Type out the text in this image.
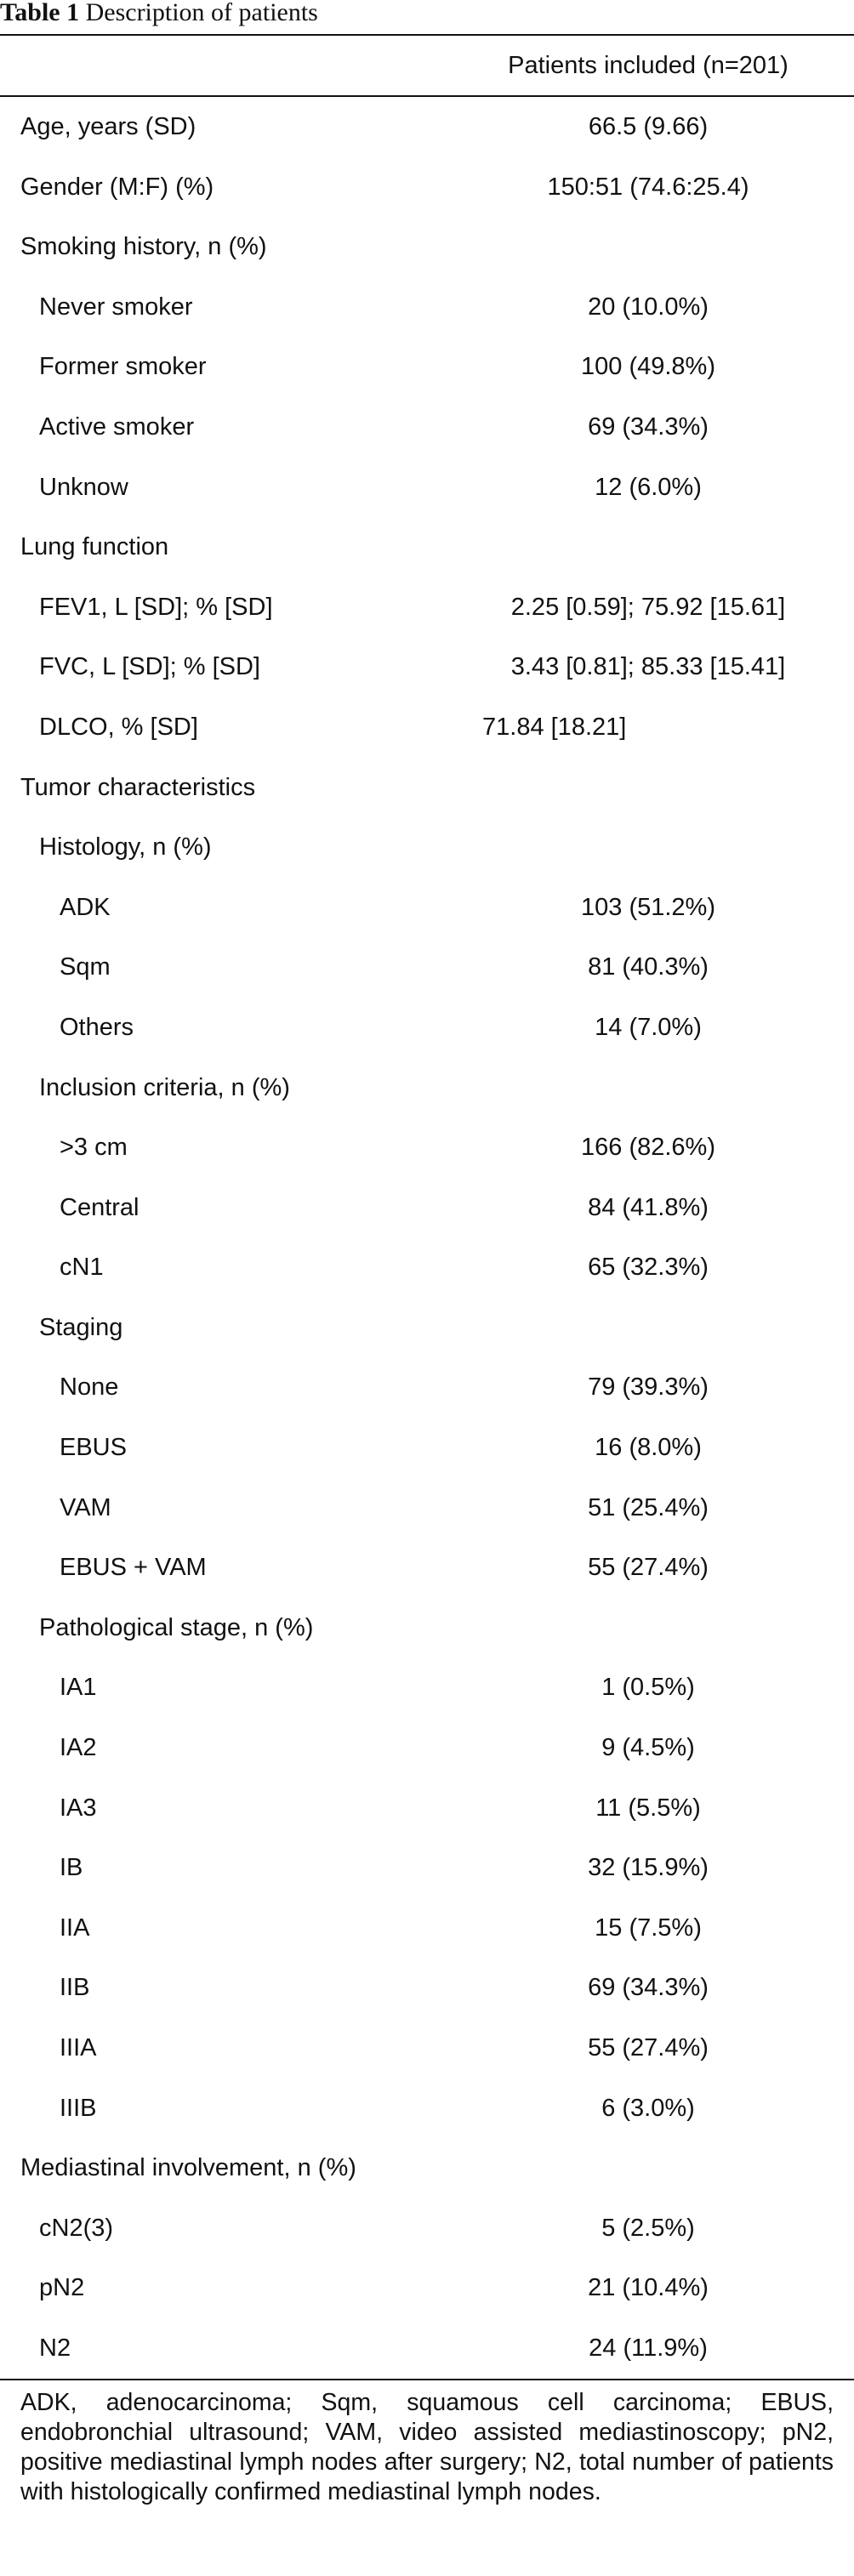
Table 1 Description of patients
Patients included (n=201)
Age, years (SD)	66.5 (9.66)
Gender (M:F) (%)	150:51 (74.6:25.4)
Smoking history, n (%)
Never smoker	20 (10.0%)
Former smoker	100 (49.8%)
Active smoker	69 (34.3%)
Unknow	12 (6.0%)
Lung function
FEV1, L [SD]; % [SD]	2.25 [0.59]; 75.92 [15.61]
FVC, L [SD]; % [SD]	3.43 [0.81]; 85.33 [15.41]
DLCO, % [SD]	71.84 [18.21]
Tumor characteristics
Histology, n (%)
ADK	103 (51.2%)
Sqm	81 (40.3%)
Others	14 (7.0%)
Inclusion criteria, n (%)
>3 cm	166 (82.6%)
Central	84 (41.8%)
cN1	65 (32.3%)
Staging
None	79 (39.3%)
EBUS	16 (8.0%)
VAM	51 (25.4%)
EBUS + VAM	55 (27.4%)
Pathological stage, n (%)
IA1	1 (0.5%)
IA2	9 (4.5%)
IA3	11 (5.5%)
IB	32 (15.9%)
IIA	15 (7.5%)
IIB	69 (34.3%)
IIIA	55 (27.4%)
IIIB	6 (3.0%)
Mediastinal involvement, n (%)
cN2(3)	5 (2.5%)
pN2	21 (10.4%)
N2	24 (11.9%)
ADK, adenocarcinoma; Sqm, squamous cell carcinoma; EBUS, endobronchial ultrasound; VAM, video assisted mediastinoscopy; pN2, positive mediastinal lymph nodes after surgery; N2, total number of patients with histologically confirmed mediastinal lymph nodes.
